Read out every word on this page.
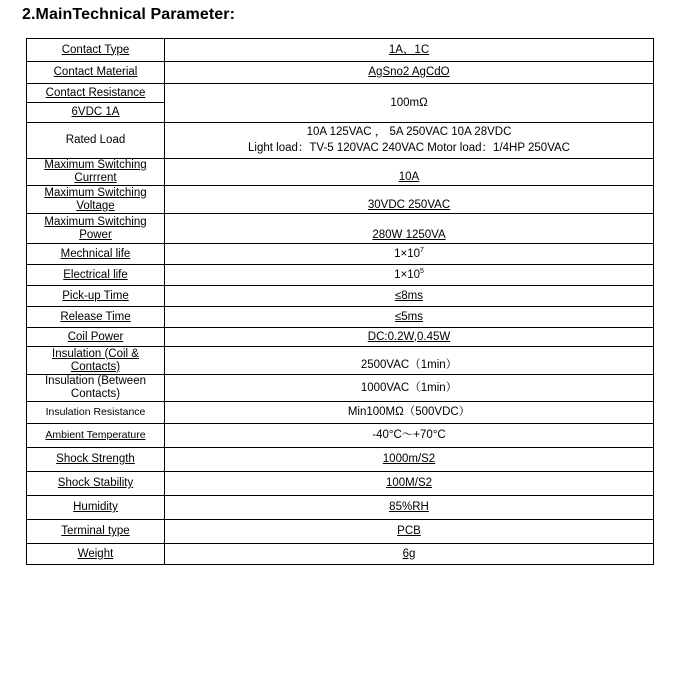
2.MainTechnical Parameter:
Contact Type	1A、1C
Contact Material	AgSno2 AgCdO

Contact Resistance
6VDC 1A	100mΩ
Rated Load	10A 125VAC ， 5A 250VAC 10A 28VDC
Light load：TV-5 120VAC 240VAC Motor load：1/4HP 250VAC

Maximum Switching Currrent	10A
Maximum Switching Voltage	30VDC 250VAC
Maximum Switching Power	280W 1250VA
Mechnical life	$1\times 10^7$
Electrical life	$1\times 10^5$
Pick-up Time	≤8ms
Release Time	≤5ms
Coil Power	DC:0.2W,0.45W
Insulation (Coil & Contacts)	2500VAC（1min）
Insulation (Between Contacts)	1000VAC（1min）
Insulation Resistance	Min100MΩ（500VDC）
Ambient Temperature	-40°C～+70°C
Shock Strength	1000m/S2
Shock Stability	100M/S2
Humidity	85%RH
Terminal type	PCB
Weight	6g
